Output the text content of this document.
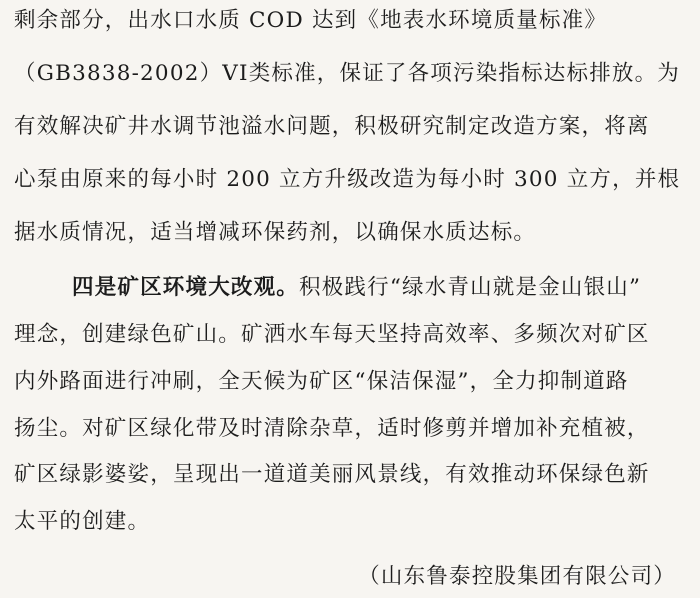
剩余部分，出水口水质 COD 达到《地表水环境质量标准》
（GB3838-2002）VI类标准，保证了各项污染指标达标排放。为
有效解决矿井水调节池溢水问题，积极研究制定改造方案，将离
心泵由原来的每小时 200 立方升级改造为每小时 300 立方，并根
据水质情况，适当增减环保药剂，以确保水质达标。
四是矿区环境大改观。积极践行“绿水青山就是金山银山”
理念，创建绿色矿山。矿洒水车每天坚持高效率、多频次对矿区
内外路面进行冲刷，全天候为矿区“保洁保湿”，全力抑制道路
扬尘。对矿区绿化带及时清除杂草，适时修剪并增加补充植被，
矿区绿影婆娑，呈现出一道道美丽风景线，有效推动环保绿色新
太平的创建。
（山东鲁泰控股集团有限公司）
